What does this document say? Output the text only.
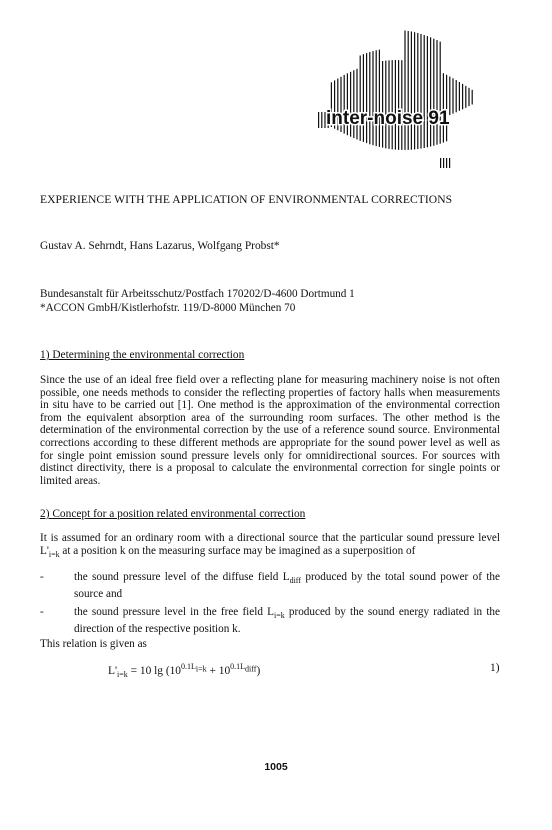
inter-noise 91
EXPERIENCE WITH THE APPLICATION OF ENVIRONMENTAL CORRECTIONS
Gustav A. Sehrndt, Hans Lazarus, Wolfgang Probst*
Bundesanstalt für Arbeitsschutz/Postfach 170202/D-4600 Dortmund 1
*ACCON GmbH/Kistlerhofstr. 119/D-8000 München 70
1) Determining the environmental correction
Since the use of an ideal free field over a reflecting plane for measuring machinery noise is not often possible, one needs methods to consider the reflecting properties of factory halls when measurements in situ have to be carried out [1]. One method is the approximation of the environmental correction from the equivalent absorption area of the surrounding room surfaces. The other method is the determination of the environmental correction by the use of a reference sound source. Environmental corrections according to these different methods are appropriate for the sound power level as well as for single point emission sound pressure levels only for omnidirectional sources. For sources with distinct directivity, there is a proposal to calculate the environmental correction for single points or limited areas.
2) Concept for a position related environmental correction
It is assumed for an ordinary room with a directional source that the particular sound pressure level $L'_{i=k}$ at a position k on the measuring surface may be imagined as a superposition of
-	the sound pressure level of the diffuse field $L_{diff}$ produced by the total sound power of the source and
-	the sound pressure level in the free field $L_{i=k}$ produced by the sound energy radiated in the direction of the respective position k.
This relation is given as
$L'_{i=k} = 10$ $\lg (10^{0.1L_{i=k}} + 10^{0.1L_{diff}})$	1)
1005
